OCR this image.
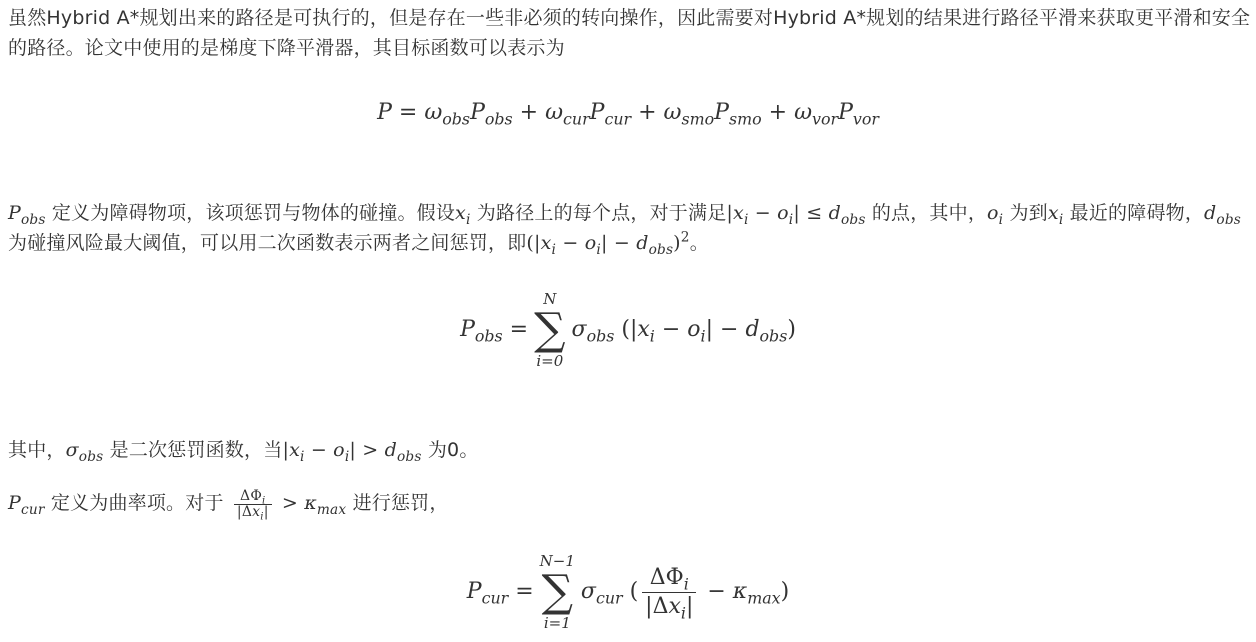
虽然Hybrid A*规划出来的路径是可执行的，但是存在一些非必须的转向操作，因此需要对Hybrid A*规划的结果进行路径平滑来获取更平滑和安全的路径。论文中使用的是梯度下降平滑器，其目标函数可以表示为
$P = \omega_{obs}P_{obs} + \omega_{cur}P_{cur} + \omega_{smo}P_{smo} + \omega_{vor}P_{vor}$
$P_{obs}$ 定义为障碍物项，该项惩罚与物体的碰撞。假设$x_i$ 为路径上的每个点，对于满足$|x_i - o_i| \le d_{obs}$ 的点，其中，$o_i$ 为到$x_i$ 最近的障碍物，$d_{obs}$ 为碰撞风险最大阈值，可以用二次函数表示两者之间惩罚，即$(|x_i - o_i| - d_{obs})^2$。
$P_{obs}$ =
N
∑
i=0
$\sigma_{obs}$ $(|x_i - o_i| - d_{obs})$
其中，$\sigma_{obs}$ 是二次惩罚函数，当$|x_i - o_i| > d_{obs}$ 为0。
$P_{cur}$ 定义为曲率项。对于 $\frac{\Delta\Phi_i}{|\Delta x_i|} > \kappa_{max}$ 进行惩罚，
$P_{cur}$ =
N−1
∑
i=1
$\sigma_{cur}$ ( $\frac{\Delta\Phi_i}{|\Delta x_i|} - \kappa_{max}$)
